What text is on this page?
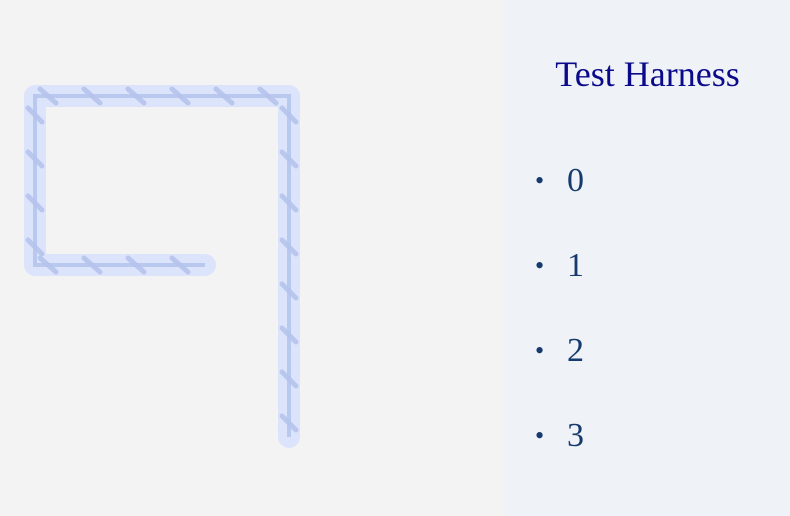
Test Harness
• 0
• 1
• 2
• 3
